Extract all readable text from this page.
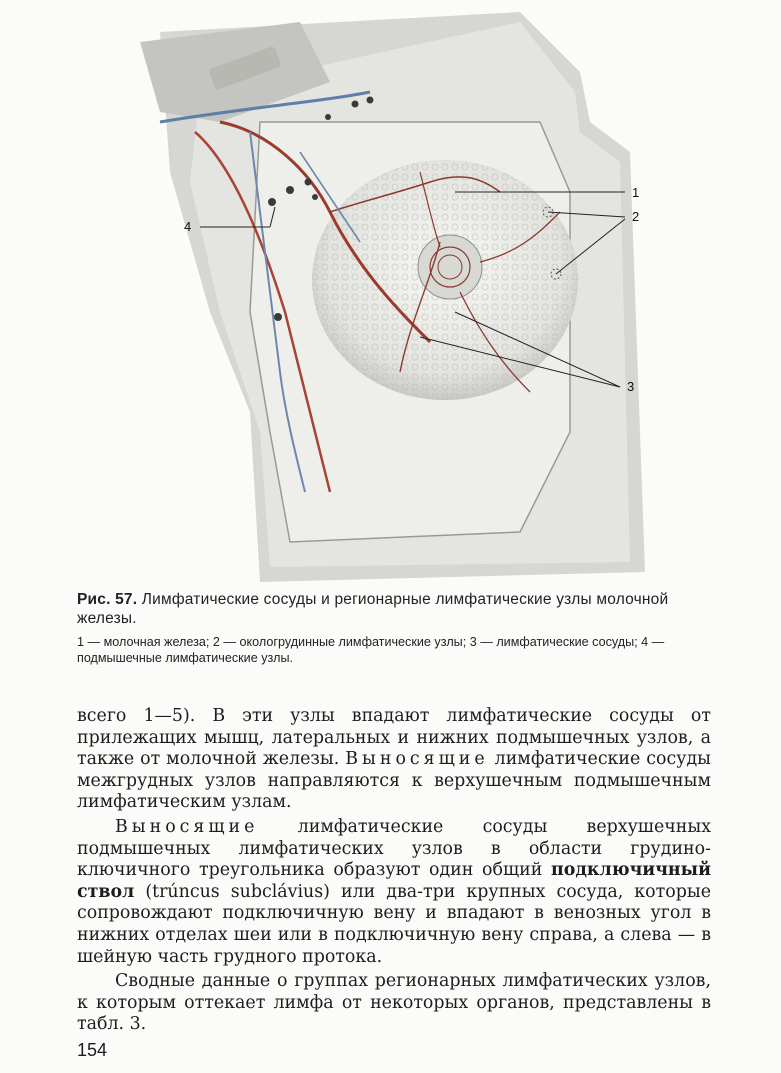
1
2
3
4
Рис. 57. Лимфатические сосуды и регионарные лимфатические узлы молочной железы.
1 — молочная железа; 2 — окологрудинные лимфатические узлы; 3 — лимфатические сосуды; 4 — подмышечные лимфатические узлы.

всего 1—5). В эти узлы впадают лимфатические сосуды от прилежащих мышц, латеральных и нижних подмышечных узлов, а также от молочной железы. Выносящие лимфатические сосуды межгрудных узлов направляются к верхушечным подмышечным лимфатическим узлам.

Выносящие лимфатические сосуды верхушечных подмышечных лимфатических узлов в области грудино-ключичного треугольника образуют один общий подключичный ствол (trúncus subclávius) или два-три крупных сосуда, которые сопровождают подключичную вену и впадают в венозных угол в нижних отделах шеи или в подключичную вену справа, а слева — в шейную часть грудного протока.

Сводные данные о группах регионарных лимфатических узлов, к которым оттекает лимфа от некоторых органов, представлены в табл. 3.

154
